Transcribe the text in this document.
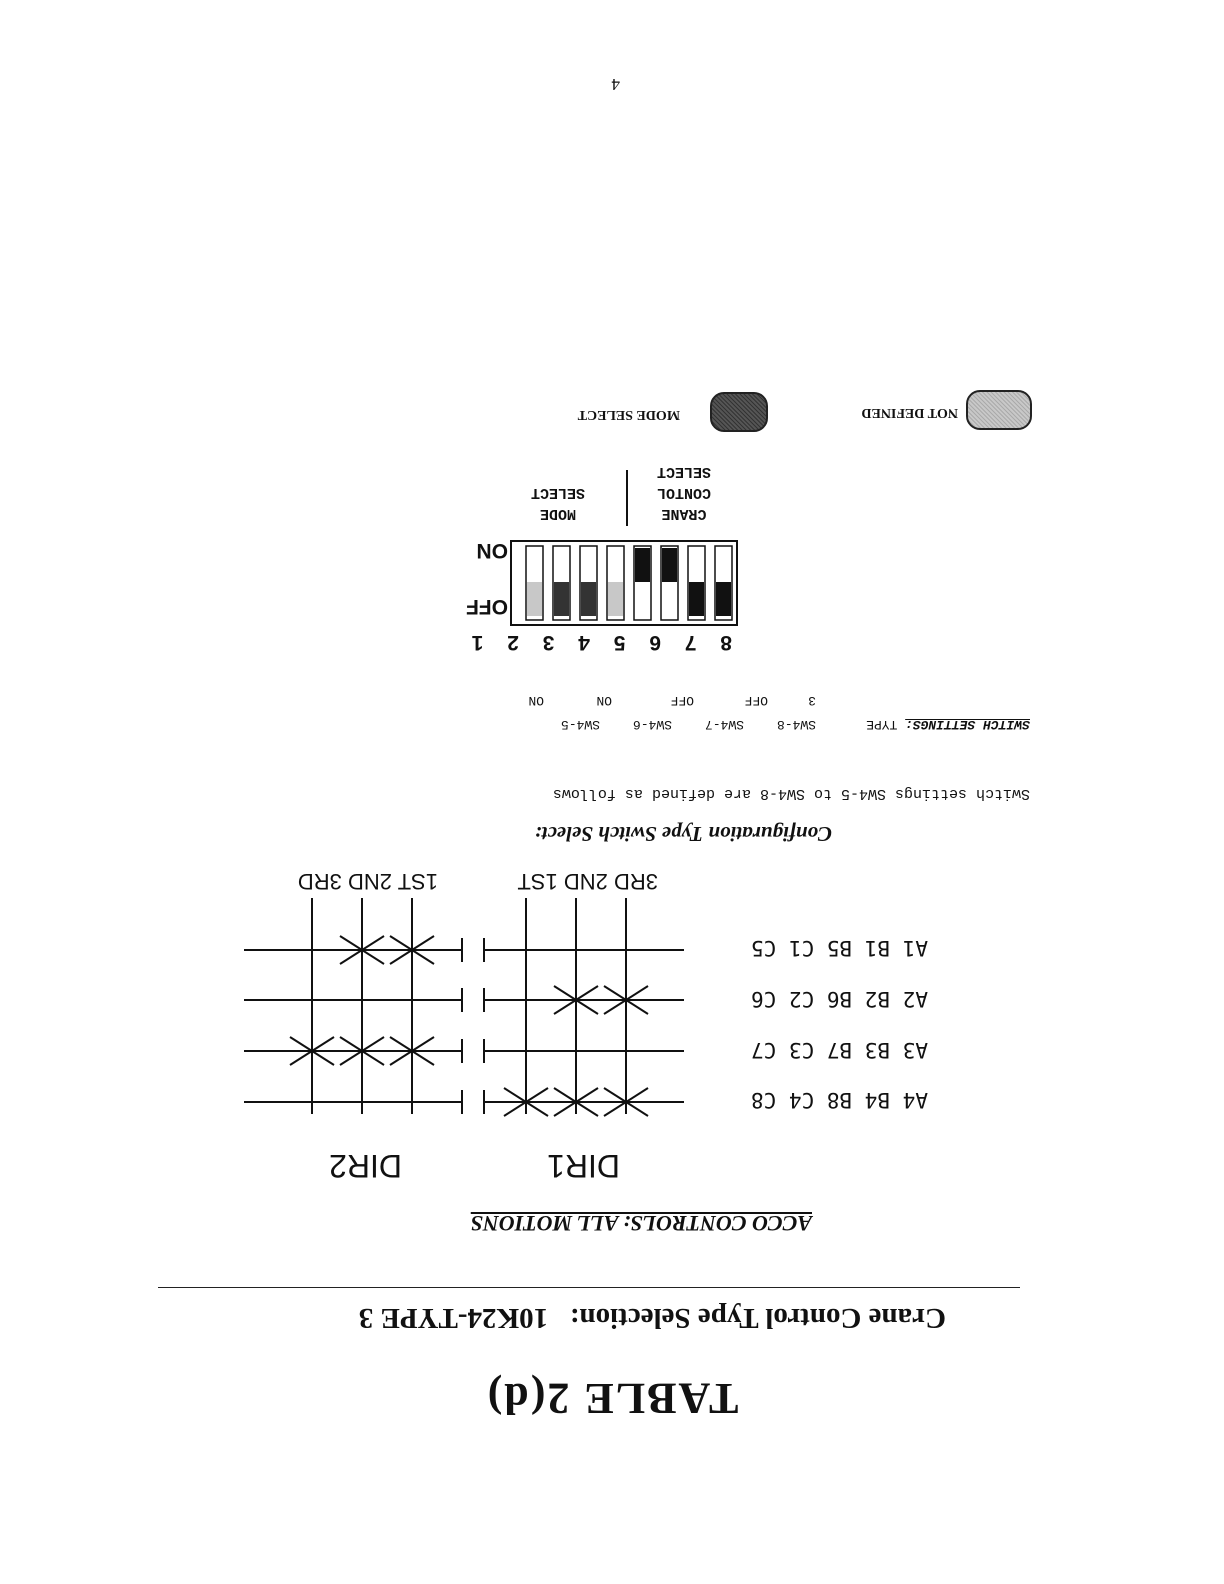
TABLE 2(d)
Crane Control Type Selection:   10K24-TYPE 3
ACCO CONTROLS: ALL MOTIONS
DIR1
DIR2
A4 B4 B8 C4 C8
A3 B3 B7 C3 C7
A2 B2 B6 C2 C6
A1 B1 B5 C1 C5
3RD 2ND 1ST
1ST 2ND 3RD
Configuration Type Switch Select:
Switch settings SW4-5 to SW4-8 are defined as follows
SWITCH SETTINGS: TYPE
SW4-8
SW4-7
SW4-6
SW4-5
3
OFF
OFF
ON
ON
8 7 6 5 4 3 2 1
OFF
ON
CRANE
CONTOL
SELECT
MODE
SELECT
NOT DEFINED
MODE SELECT
4
